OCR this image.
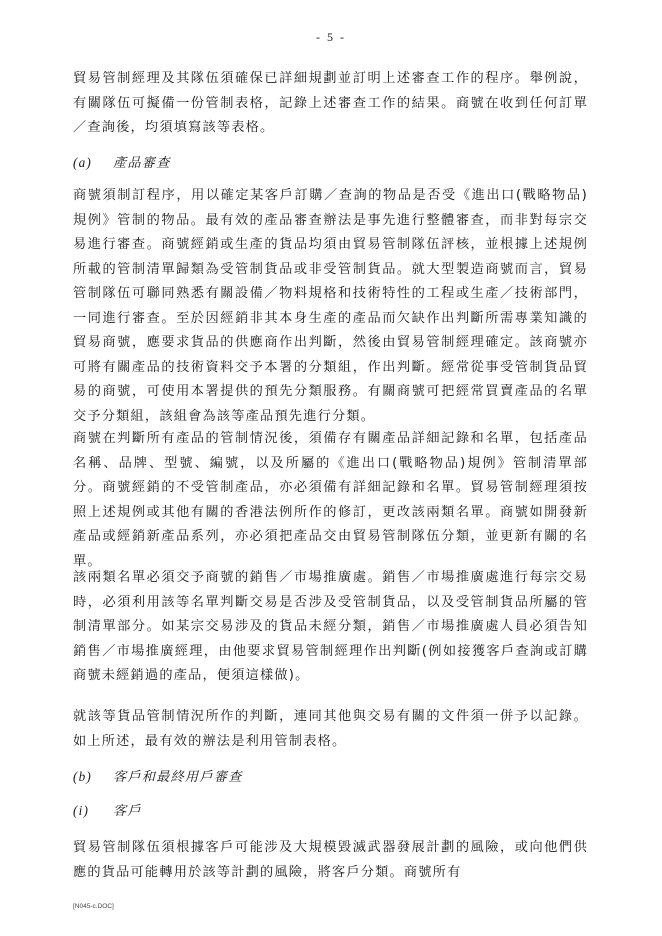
- 5 -

貿易管制經理及其隊伍須確保已詳細規劃並訂明上述審查工作的程序。舉例說，有關隊伍可擬備一份管制表格，記錄上述審查工作的結果。商號在收到任何訂單／查詢後，均須填寫該等表格。

(a) 產品審查

商號須制訂程序，用以確定某客戶訂購／查詢的物品是否受《進出口(戰略物品)規例》管制的物品。最有效的產品審查辦法是事先進行整體審查，而非對每宗交易進行審查。商號經銷或生產的貨品均須由貿易管制隊伍評核，並根據上述規例所載的管制清單歸類為受管制貨品或非受管制貨品。就大型製造商號而言，貿易管制隊伍可聯同熟悉有關設備／物料規格和技術特性的工程或生產／技術部門，一同進行審查。至於因經銷非其本身生產的產品而欠缺作出判斷所需專業知識的貿易商號，應要求貨品的供應商作出判斷，然後由貿易管制經理確定。該商號亦可將有關產品的技術資料交予本署的分類組，作出判斷。經常從事受管制貨品貿易的商號，可使用本署提供的預先分類服務。有關商號可把經常買賣產品的名單交予分類組，該組會為該等產品預先進行分類。

商號在判斷所有產品的管制情況後，須備存有關產品詳細記錄和名單，包括產品名稱、品牌、型號、編號，以及所屬的《進出口(戰略物品)規例》管制清單部分。商號經銷的不受管制產品，亦必須備有詳細記錄和名單。貿易管制經理須按照上述規例或其他有關的香港法例所作的修訂，更改該兩類名單。商號如開發新產品或經銷新產品系列，亦必須把產品交由貿易管制隊伍分類，並更新有關的名單。

該兩類名單必須交予商號的銷售／市場推廣處。銷售／市場推廣處進行每宗交易時，必須利用該等名單判斷交易是否涉及受管制貨品，以及受管制貨品所屬的管制清單部分。如某宗交易涉及的貨品未經分類，銷售／市場推廣處人員必須告知銷售／市場推廣經理，由他要求貿易管制經理作出判斷(例如接獲客戶查詢或訂購商號未經銷過的產品，便須這樣做)。

就該等貨品管制情況所作的判斷，連同其他與交易有關的文件須一併予以記錄。如上所述，最有效的辦法是利用管制表格。

(b) 客戶和最終用戶審查
(i) 客戶

貿易管制隊伍須根據客戶可能涉及大規模毀滅武器發展計劃的風險，或向他們供應的貨品可能轉用於該等計劃的風險，將客戶分類。商號所有

[N045-c.DOC]
